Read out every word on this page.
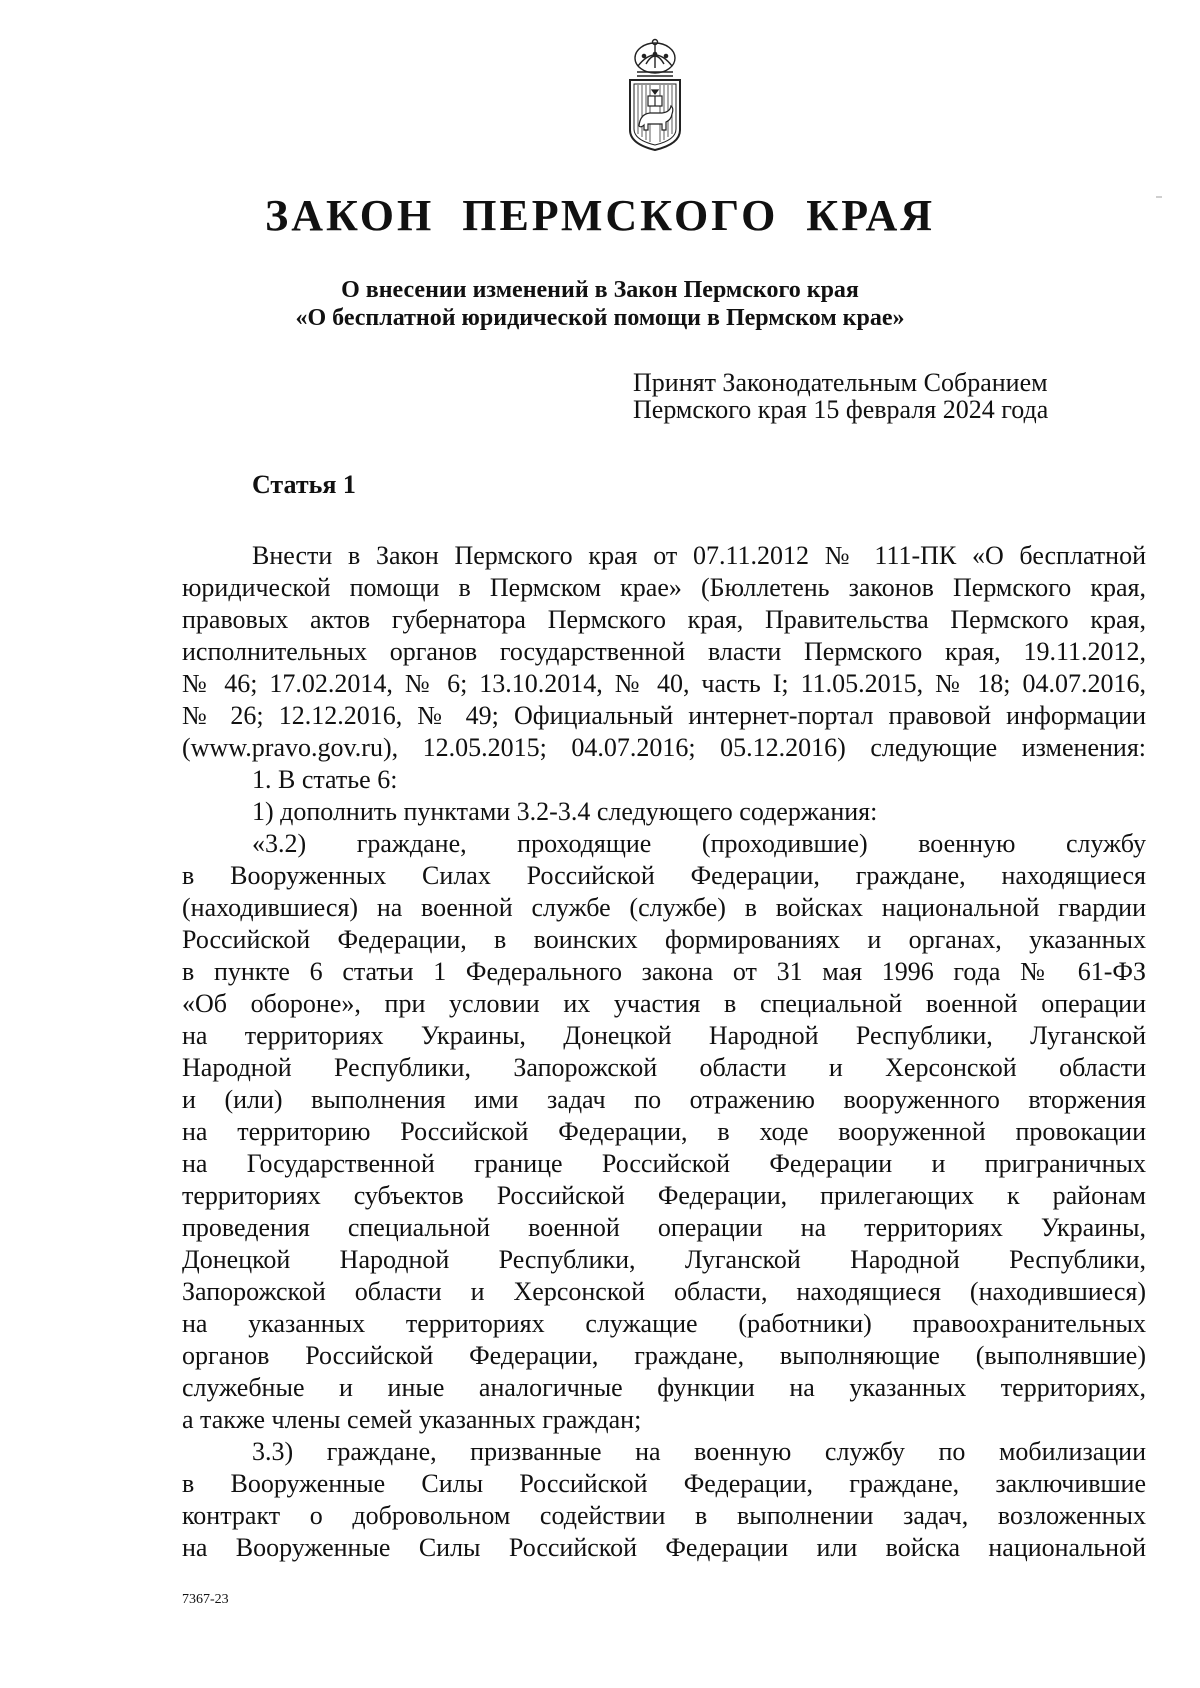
ЗАКОН ПЕРМСКОГО КРАЯ
О внесении изменений в Закон Пермского края
«О бесплатной юридической помощи в Пермском крае»
Принят Законодательным Собранием
Пермского края 15 февраля 2024 года
Статья 1
Внести в Закон Пермского края от 07.11.2012 № 111-ПК «О бесплатной
юридической помощи в Пермском крае» (Бюллетень законов Пермского края,
правовых актов губернатора Пермского края, Правительства Пермского края,
исполнительных органов государственной власти Пермского края, 19.11.2012,
№ 46; 17.02.2014, № 6; 13.10.2014, № 40, часть I; 11.05.2015, № 18; 04.07.2016,
№ 26; 12.12.2016, № 49; Официальный интернет-портал правовой информации
(www.pravo.gov.ru), 12.05.2015; 04.07.2016; 05.12.2016) следующие изменения:
1. В статье 6:
1) дополнить пунктами 3.2-3.4 следующего содержания:
«3.2) граждане, проходящие (проходившие) военную службу
в Вооруженных Силах Российской Федерации, граждане, находящиеся
(находившиеся) на военной службе (службе) в войсках национальной гвардии
Российской Федерации, в воинских формированиях и органах, указанных
в пункте 6 статьи 1 Федерального закона от 31 мая 1996 года № 61-ФЗ
«Об обороне», при условии их участия в специальной военной операции
на территориях Украины, Донецкой Народной Республики, Луганской
Народной Республики, Запорожской области и Херсонской области
и (или) выполнения ими задач по отражению вооруженного вторжения
на территорию Российской Федерации, в ходе вооруженной провокации
на Государственной границе Российской Федерации и приграничных
территориях субъектов Российской Федерации, прилегающих к районам
проведения специальной военной операции на территориях Украины,
Донецкой Народной Республики, Луганской Народной Республики,
Запорожской области и Херсонской области, находящиеся (находившиеся)
на указанных территориях служащие (работники) правоохранительных
органов Российской Федерации, граждане, выполняющие (выполнявшие)
служебные и иные аналогичные функции на указанных территориях,
а также члены семей указанных граждан;
3.3) граждане, призванные на военную службу по мобилизации
в Вооруженные Силы Российской Федерации, граждане, заключившие
контракт о добровольном содействии в выполнении задач, возложенных
на Вооруженные Силы Российской Федерации или войска национальной
7367-23
